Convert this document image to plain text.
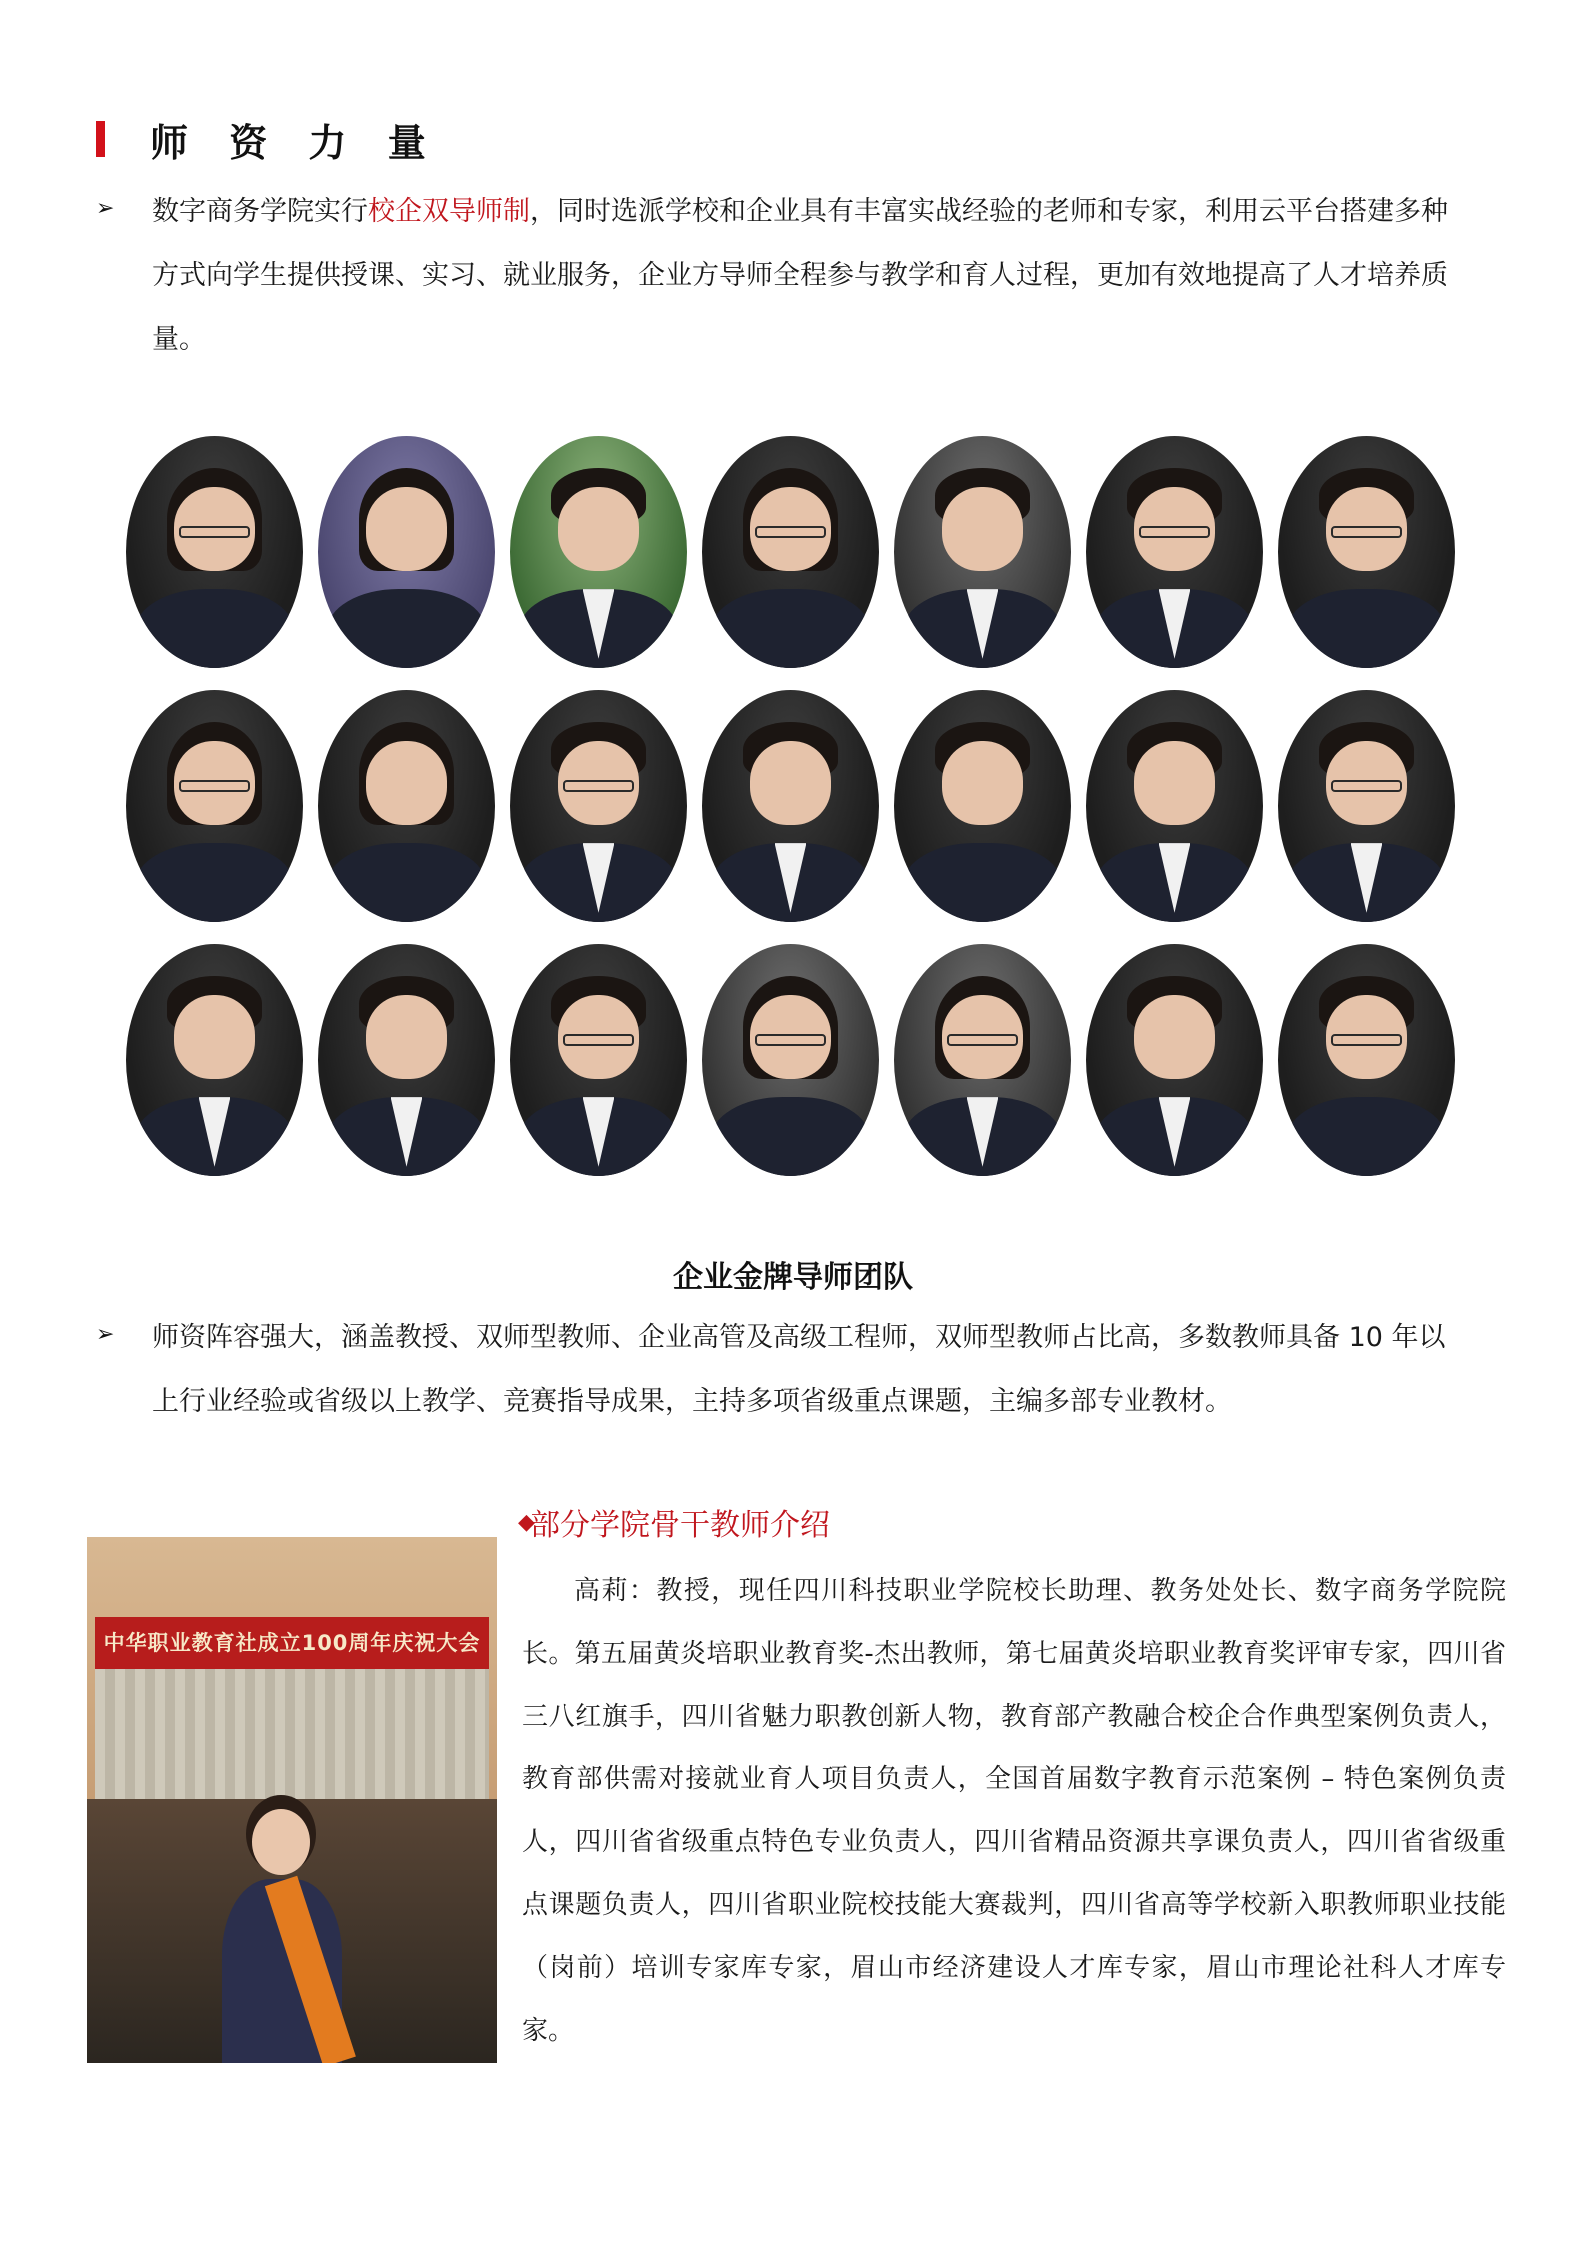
师 资 力 量
➢ 数字商务学院实行校企双导师制，同时选派学校和企业具有丰富实战经验的老师和专家，利用云平台搭建多种
方式向学生提供授课、实习、就业服务，企业方导师全程参与教学和育人过程，更加有效地提高了人才培养质
量。
企业金牌导师团队
➢ 师资阵容强大，涵盖教授、双师型教师、企业高管及高级工程师，双师型教师占比高，多数教师具备 10 年以
上行业经验或省级以上教学、竞赛指导成果，主持多项省级重点课题，主编多部专业教材。
中华职业教育社成立100周年庆祝大会
◆
部分学院骨干教师介绍
高莉：教授，现任四川科技职业学院校长助理、教务处处长、数字商务学院院长。第五届黄炎培职业教育奖-杰出教师，第七届黄炎培职业教育奖评审专家，四川省三八红旗手，四川省魅力职教创新人物，教育部产教融合校企合作典型案例负责人，教育部供需对接就业育人项目负责人，全国首届数字教育示范案例 – 特色案例负责人，四川省省级重点特色专业负责人，四川省精品资源共享课负责人，四川省省级重点课题负责人，四川省职业院校技能大赛裁判，四川省高等学校新入职教师职业技能（岗前）培训专家库专家，眉山市经济建设人才库专家，眉山市理论社科人才库专家。
